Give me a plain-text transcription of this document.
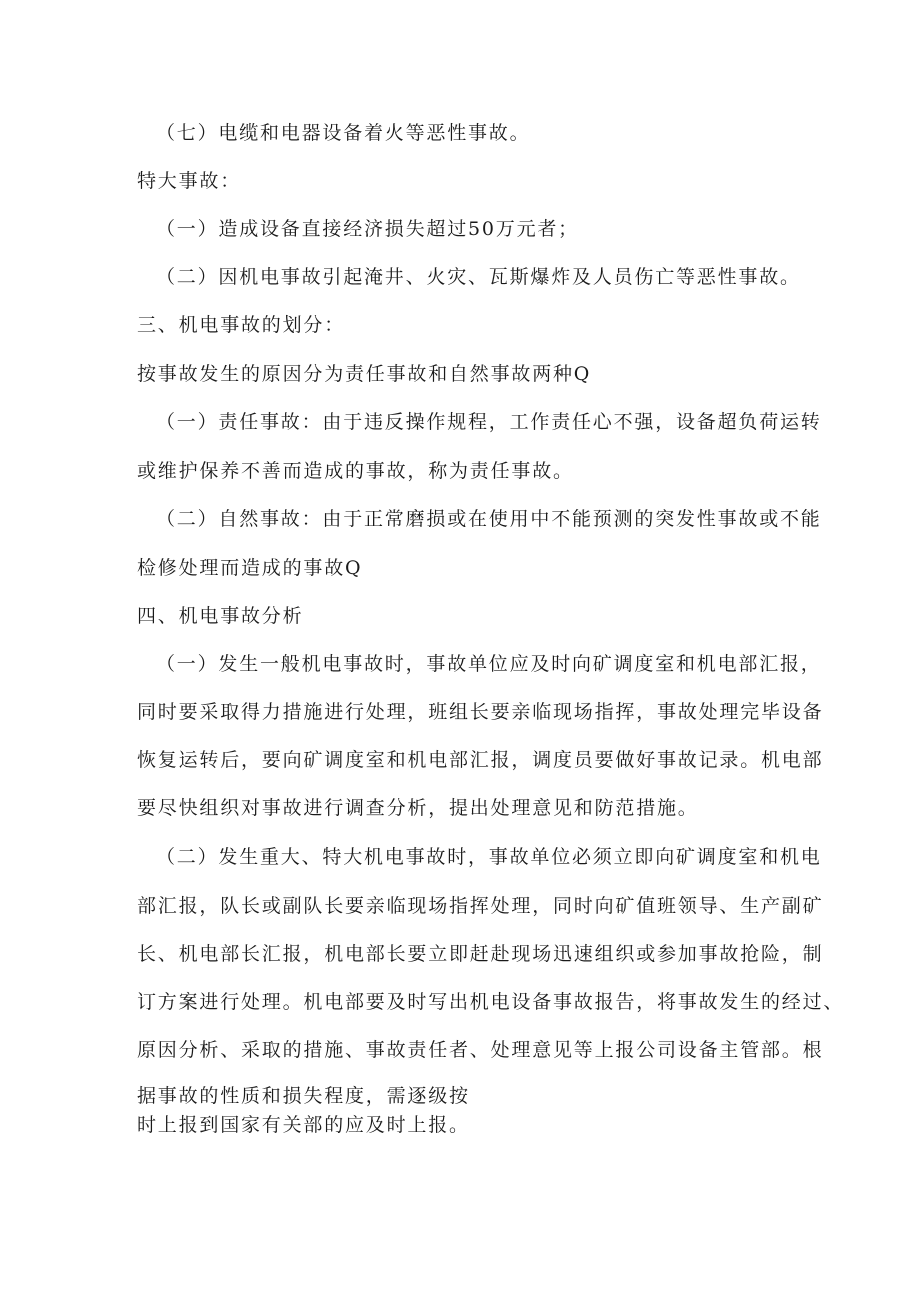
（七）电缆和电器设备着火等恶性事故。
特大事故：
（一）造成设备直接经济损失超过50万元者；
（二）因机电事故引起淹井、火灾、瓦斯爆炸及人员伤亡等恶性事故。
三、机电事故的划分：
按事故发生的原因分为责任事故和自然事故两种Q
（一）责任事故：由于违反操作规程，工作责任心不强，设备超负荷运转
或维护保养不善而造成的事故，称为责任事故。
（二）自然事故：由于正常磨损或在使用中不能预测的突发性事故或不能
检修处理而造成的事故Q
四、机电事故分析
（一）发生一般机电事故时，事故单位应及时向矿调度室和机电部汇报，
同时要采取得力措施进行处理，班组长要亲临现场指挥，事故处理完毕设备
恢复运转后，要向矿调度室和机电部汇报，调度员要做好事故记录。机电部
要尽快组织对事故进行调查分析，提出处理意见和防范措施。
（二）发生重大、特大机电事故时，事故单位必须立即向矿调度室和机电
部汇报，队长或副队长要亲临现场指挥处理，同时向矿值班领导、生产副矿
长、机电部长汇报，机电部长要立即赶赴现场迅速组织或参加事故抢险，制
订方案进行处理。机电部要及时写出机电设备事故报告，将事故发生的经过、
原因分析、采取的措施、事故责任者、处理意见等上报公司设备主管部。根
据事故的性质和损失程度，需逐级按
时上报到国家有关部的应及时上报。
